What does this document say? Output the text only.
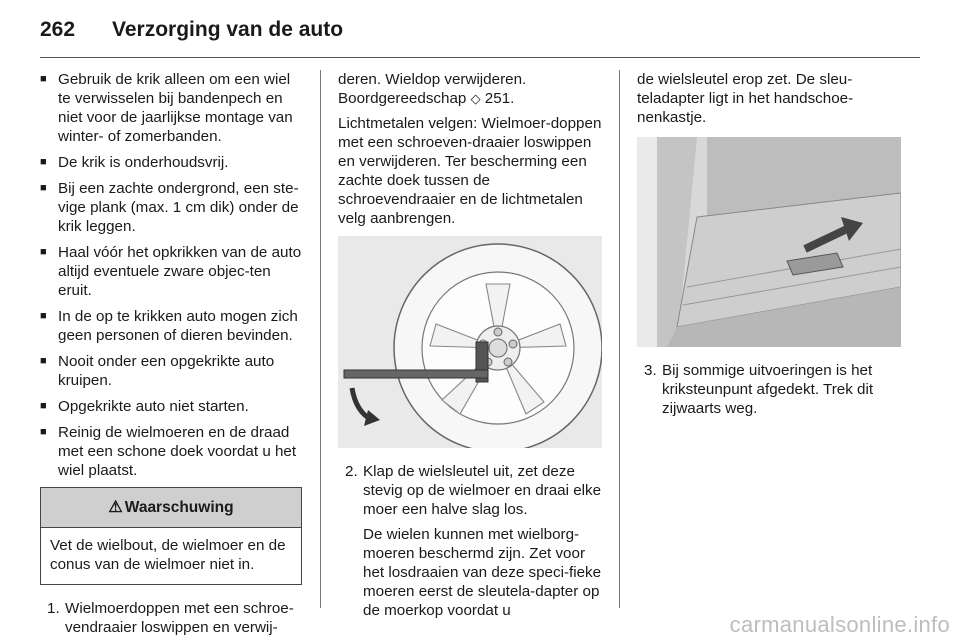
262 Verzorging van de auto
■ Gebruik de krik alleen om een wiel te verwisselen bij bandenpech en niet voor de jaarlijkse montage van winter- of zomerbanden.
■ De krik is onderhoudsvrij.
■ Bij een zachte ondergrond, een ste-vige plank (max. 1 cm dik) onder de krik leggen.
■ Haal vóór het opkrikken van de auto altijd eventuele zware objec-ten eruit.
■ In de op te krikken auto mogen zich geen personen of dieren bevinden.
■ Nooit onder een opgekrikte auto kruipen.
■ Opgekrikte auto niet starten.
■ Reinig de wielmoeren en de draad met een schone doek voordat u het wiel plaatst.
⚠ Waarschuwing
Vet de wielbout, de wielmoer en de conus van de wielmoer niet in.
1. Wielmoerdoppen met een schroe-vendraaier loswippen en verwij-

deren. Wieldop verwijderen.

Boordgereedschap ◇ 251.

Lichtmetalen velgen: Wielmoer-doppen met een schroeven-draaier loswippen en verwijderen. Ter bescherming een zachte doek tussen de schroevendraaier en de lichtmetalen velg aanbrengen.

2. Klap de wielsleutel uit, zet deze stevig op de wielmoer en draai elke moer een halve slag los.
De wielen kunnen met wielborg-moeren beschermd zijn. Zet voor het losdraaien van deze speci-fieke moeren eerst de sleutela-dapter op de moerkop voordat u

de wielsleutel erop zet. De sleu-teladapter ligt in het handschoe-nenkastje.

3. Bij sommige uitvoeringen is het kriksteunpunt afgedekt. Trek dit zijwaarts weg.
carmanualsonline.info
